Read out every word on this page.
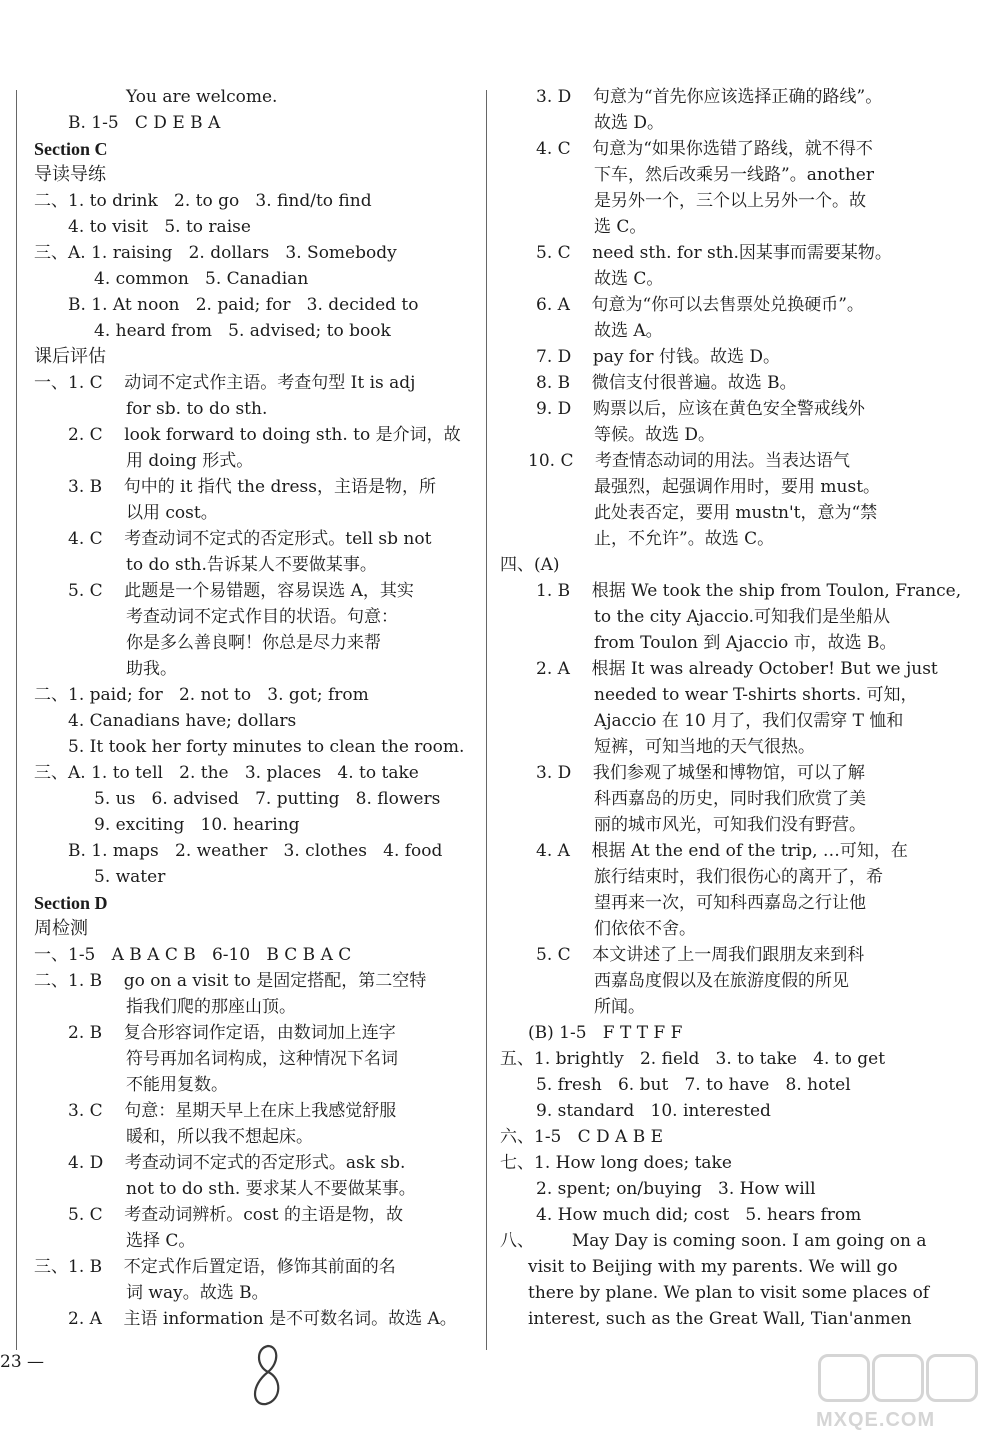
You are welcome.
B. 1-5   C D E B A
Section C
导读导练
二、1. to drink   2. to go   3. find/to find
4. to visit   5. to raise
三、A. 1. raising   2. dollars   3. Somebody
4. common   5. Canadian
B. 1. At noon   2. paid; for   3. decided to
4. heard from   5. advised; to book
课后评估
一、1. C    动词不定式作主语。考查句型 It is adj
for sb. to do sth.
2. C    look forward to doing sth. to 是介词，故
用 doing 形式。
3. B    句中的 it 指代 the dress，主语是物，所
以用 cost。
4. C    考查动词不定式的否定形式。tell sb not
to do sth.告诉某人不要做某事。
5. C    此题是一个易错题，容易误选 A，其实
考查动词不定式作目的状语。句意：
你是多么善良啊！你总是尽力来帮
助我。
二、1. paid; for   2. not to   3. got; from
4. Canadians have; dollars
5. It took her forty minutes to clean the room.
三、A. 1. to tell   2. the   3. places   4. to take
5. us   6. advised   7. putting   8. flowers
9. exciting   10. hearing
B. 1. maps   2. weather   3. clothes   4. food
5. water
Section D
周检测
一、1-5   A B A C B   6-10   B C B A C
二、1. B    go on a visit to 是固定搭配，第二空特
指我们爬的那座山顶。
2. B    复合形容词作定语，由数词加上连字
符号再加名词构成，这种情况下名词
不能用复数。
3. C    句意：星期天早上在床上我感觉舒服
暖和，所以我不想起床。
4. D    考查动词不定式的否定形式。ask sb.
not to do sth. 要求某人不要做某事。
5. C    考查动词辨析。cost 的主语是物，故
选择 C。
三、1. B    不定式作后置定语，修饰其前面的名
词 way。故选 B。
2. A    主语 information 是不可数名词。故选 A。
3. D    句意为“首先你应该选择正确的路线”。
故选 D。
4. C    句意为“如果你选错了路线，就不得不
下车，然后改乘另一线路”。another
是另外一个，三个以上另外一个。故
选 C。
5. C    need sth. for sth.因某事而需要某物。
故选 C。
6. A    句意为“你可以去售票处兑换硬币”。
故选 A。
7. D    pay for 付钱。故选 D。
8. B    微信支付很普遍。故选 B。
9. D    购票以后，应该在黄色安全警戒线外
等候。故选 D。
10. C    考查情态动词的用法。当表达语气
最强烈，起强调作用时，要用 must。
此处表否定，要用 mustn't，意为“禁
止，不允许”。故选 C。
四、(A)
1. B    根据 We took the ship from Toulon, France,
to the city Ajaccio.可知我们是坐船从
from Toulon 到 Ajaccio 市，故选 B。
2. A    根据 It was already October! But we just
needed to wear T-shirts shorts. 可知，
Ajaccio 在 10 月了，我们仅需穿 T 恤和
短裤，可知当地的天气很热。
3. D    我们参观了城堡和博物馆，可以了解
科西嘉岛的历史，同时我们欣赏了美
丽的城市风光，可知我们没有野营。
4. A    根据 At the end of the trip, …可知，在
旅行结束时，我们很伤心的离开了，希
望再来一次，可知科西嘉岛之行让他
们依依不舍。
5. C    本文讲述了上一周我们跟朋友来到科
西嘉岛度假以及在旅游度假的所见
所闻。
(B) 1-5   F T T F F
五、1. brightly   2. field   3. to take   4. to get
5. fresh   6. but   7. to have   8. hotel
9. standard   10. interested
六、1-5   C D A B E
七、1. How long does; take
2. spent; on/buying   3. How will
4. How much did; cost   5. hears from
八、       May Day is coming soon. I am going on a
visit to Beijing with my parents. We will go
there by plane. We plan to visit some places of
interest, such as the Great Wall, Tian'anmen
23 —
MXQE.COM
